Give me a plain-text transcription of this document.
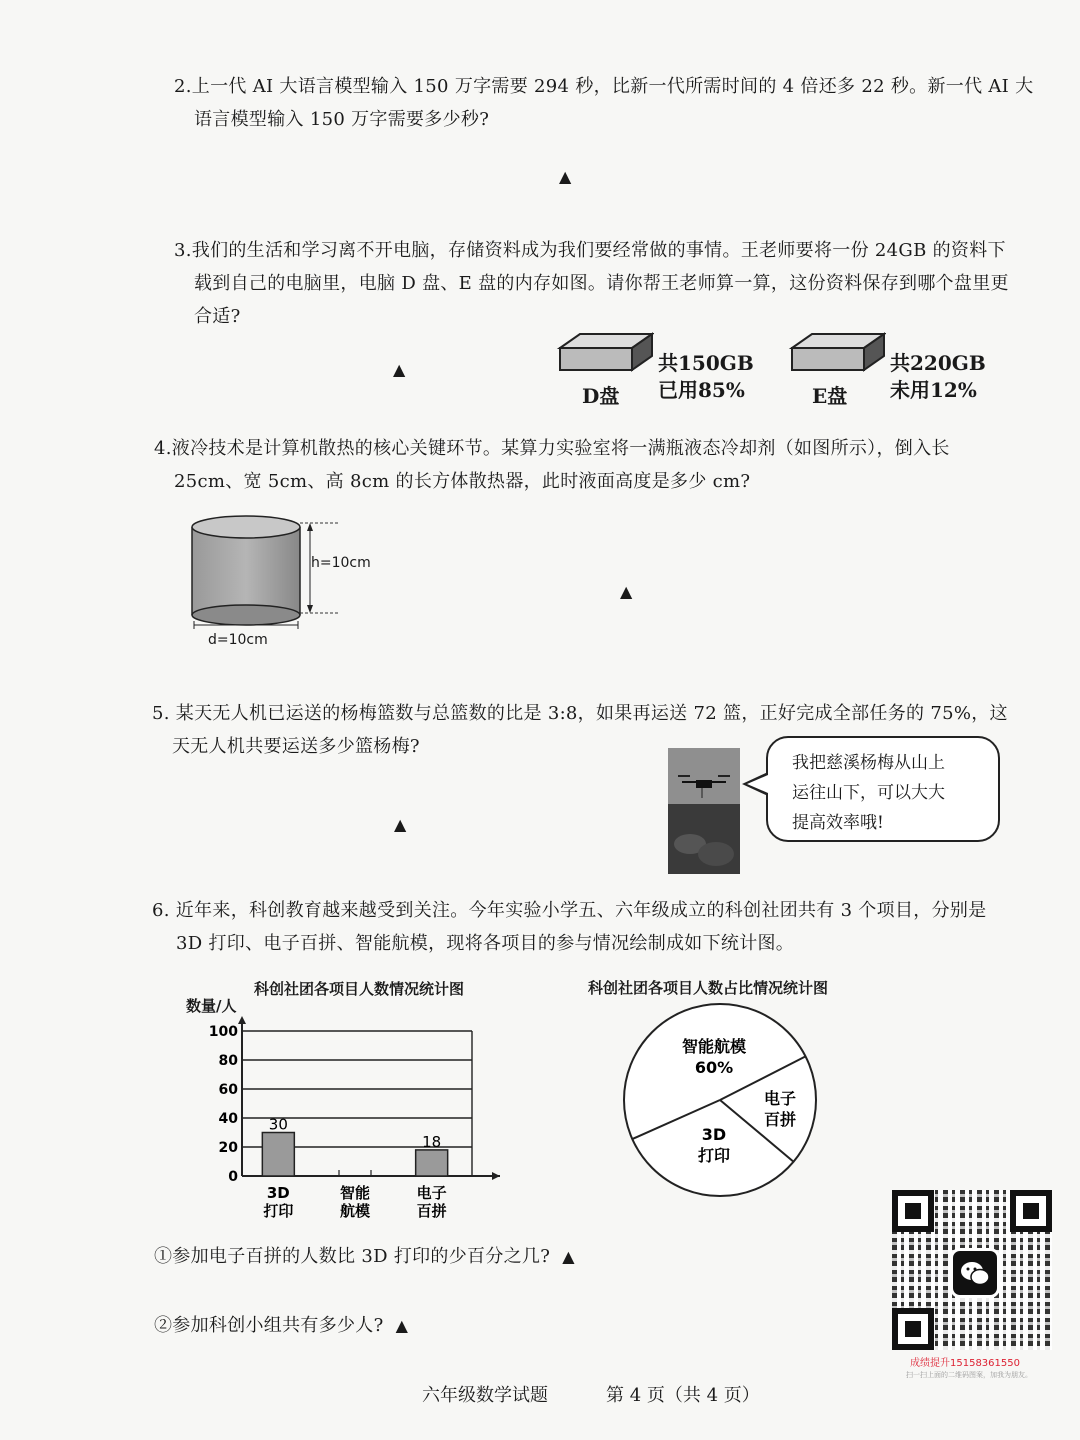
2.上一代 AI 大语言模型输入 150 万字需要 294 秒，比新一代所需时间的 4 倍还多 22 秒。新一代 AI 大
语言模型输入 150 万字需要多少秒?
▲
3.我们的生活和学习离不开电脑，存储资料成为我们要经常做的事情。王老师要将一份 24GB 的资料下
载到自己的电脑里，电脑 D 盘、E 盘的内存如图。请你帮王老师算一算，这份资料保存到哪个盘里更
合适?
▲
D盘
共150GB
已用85%	E盘
共220GB
未用12%
4.液冷技术是计算机散热的核心关键环节。某算力实验室将一满瓶液态冷却剂（如图所示），倒入长
25cm、宽 5cm、高 8cm 的长方体散热器，此时液面高度是多少 cm?
h=10cm
d=10cm
▲
5. 某天无人机已运送的杨梅篮数与总篮数的比是 3:8，如果再运送 72 篮，正好完成全部任务的 75%，这
天无人机共要运送多少篮杨梅?
▲
我把慈溪杨梅从山上
运往山下，可以大大
提高效率哦!
6. 近年来，科创教育越来越受到关注。今年实验小学五、六年级成立的科创社团共有 3 个项目，分别是
3D 打印、电子百拼、智能航模，现将各项目的参与情况绘制成如下统计图。
科创社团各项目人数情况统计图
数量/人
0
20
40
60
80
100
30
3D
打印
智能
航模
18
电子
百拼
科创社团各项目人数占比情况统计图
智能航模
60%
电子
百拼
3D
打印
①参加电子百拼的人数比 3D 打印的少百分之几? ▲
②参加科创小组共有多少人? ▲
成绩提升15158361550
扫一扫上面的二维码图案，加我为朋友。
六年级数学试题	第 4 页（共 4 页）
